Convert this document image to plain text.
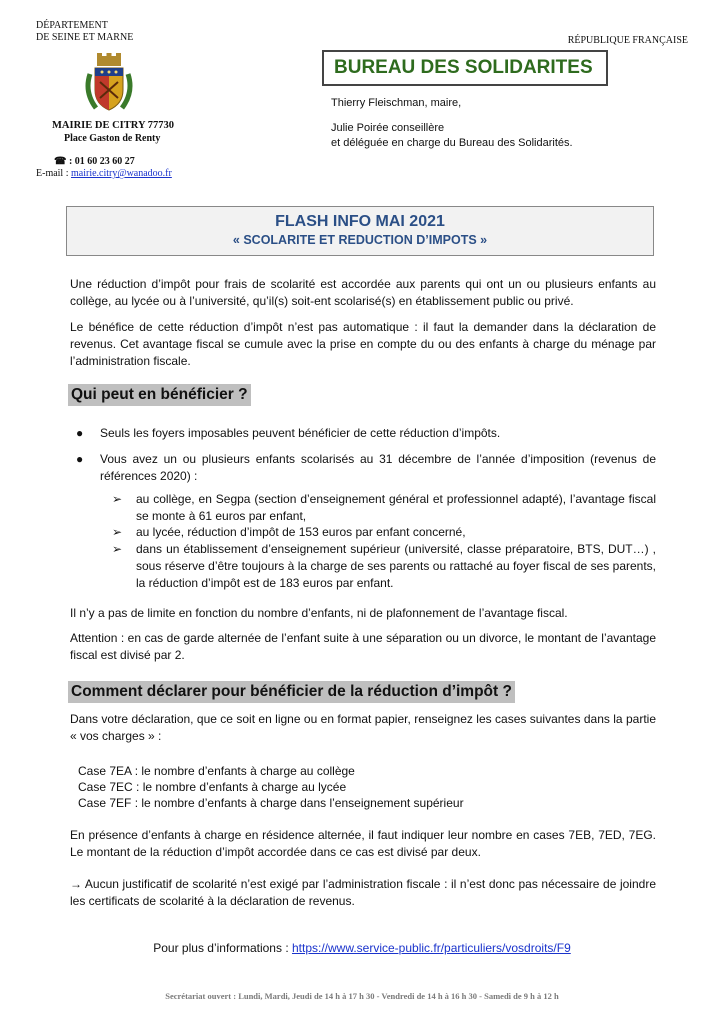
DÉPARTEMENT
DE SEINE ET MARNE
MAIRIE DE CITRY 77730
Place Gaston de Renty
☎ : 01 60 23 60 27
E-mail : mairie.citry@wanadoo.fr
RÉPUBLIQUE FRANÇAISE
BUREAU DES SOLIDARITES
Thierry Fleischman, maire,
Julie Poirée conseillère
et déléguée en charge du Bureau des Solidarités.
FLASH INFO MAI 2021
« SCOLARITE ET REDUCTION D’IMPOTS »
Une réduction d’impôt pour frais de scolarité est accordée aux parents qui ont un ou plusieurs enfants au collège, au lycée ou à l’université, qu’il(s) soit-ent scolarisé(s) en établissement public ou privé.
Le bénéfice de cette réduction d’impôt n’est pas automatique : il faut la demander dans la déclaration de revenus. Cet avantage fiscal se cumule avec la prise en compte du ou des enfants à charge du ménage par l’administration fiscale.
Qui peut en bénéficier ?
● Seuls les foyers imposables peuvent bénéficier de cette réduction d’impôts.
● Vous avez un ou plusieurs enfants scolarisés au 31 décembre de l’année d’imposition (revenus de références 2020) :
➢ au collège, en Segpa (section d’enseignement général et professionnel adapté), l’avantage fiscal se monte à 61 euros par enfant,
➢ au lycée, réduction d’impôt de 153 euros par enfant concerné,
➢ dans un établissement d’enseignement supérieur (université, classe préparatoire, BTS, DUT…) , sous réserve d’être toujours à la charge de ses parents ou rattaché au foyer fiscal de ses parents, la réduction d’impôt est de 183 euros par enfant.
Il n’y a pas de limite en fonction du nombre d’enfants, ni de plafonnement de l’avantage fiscal.
Attention : en cas de garde alternée de l’enfant suite à une séparation ou un divorce, le montant de l’avantage fiscal est divisé par 2.
Comment déclarer pour bénéficier de la réduction d’impôt ?
Dans votre déclaration, que ce soit en ligne ou en format papier, renseignez les cases suivantes dans la partie « vos charges » :
Case 7EA : le nombre d’enfants à charge au collège
Case 7EC : le nombre d’enfants à charge au lycée
Case 7EF : le nombre d’enfants à charge dans l’enseignement supérieur
En présence d’enfants à charge en résidence alternée, il faut indiquer leur nombre en cases 7EB, 7ED, 7EG. Le montant de la réduction d’impôt accordée dans ce cas est divisé par deux.
→ Aucun justificatif de scolarité n’est exigé par l’administration fiscale : il n’est donc pas nécessaire de joindre les certificats de scolarité à la déclaration de revenus.
Pour plus d’informations : https://www.service-public.fr/particuliers/vosdroits/F9
Secrétariat ouvert : Lundi, Mardi, Jeudi de 14 h à 17 h 30 - Vendredi de 14 h à 16 h 30 - Samedi de 9 h à 12 h
